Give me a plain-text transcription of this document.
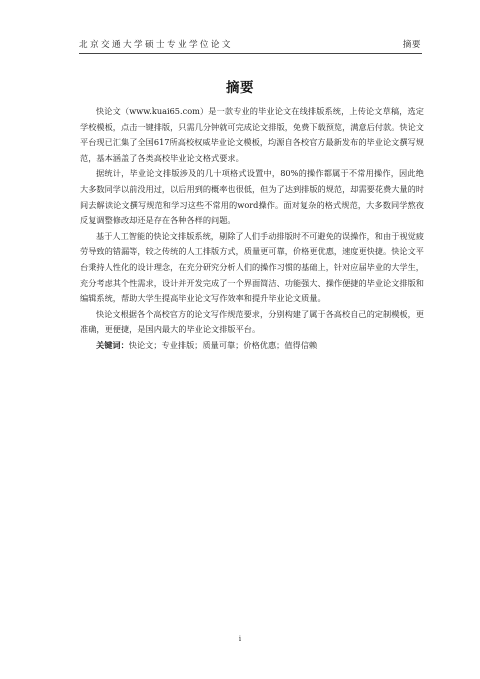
北京交通大学硕士专业学位论文	摘要
摘要

快论文（www.kuai65.com）是一款专业的毕业论文在线排版系统，上传论文草稿，选定学校模板，点击一键排版，只需几分钟就可完成论文排版，免费下载预览，满意后付款。快论文平台现已汇集了全国617所高校权威毕业论文模板，均源自各校官方最新发布的毕业论文撰写规范，基本涵盖了各类高校毕业论文格式要求。

据统计，毕业论文排版涉及的几十项格式设置中，80%的操作都属于不常用操作，因此绝大多数同学以前没用过，以后用到的概率也很低，但为了达到排版的规范，却需要花费大量的时间去解读论文撰写规范和学习这些不常用的word操作。面对复杂的格式规范，大多数同学熬夜反复调整修改却还是存在各种各样的问题。

基于人工智能的快论文排版系统，剔除了人们手动排版时不可避免的误操作，和由于视觉疲劳导致的错漏等，较之传统的人工排版方式，质量更可靠，价格更优惠，速度更快捷。快论文平台秉持人性化的设计理念，在充分研究分析人们的操作习惯的基础上，针对应届毕业的大学生，充分考虑其个性需求，设计并开发完成了一个界面简洁、功能强大、操作便捷的毕业论文排版和编辑系统，帮助大学生提高毕业论文写作效率和提升毕业论文质量。

快论文根据各个高校官方的论文写作规范要求，分别构建了属于各高校自己的定制模板，更准确，更便捷，是国内最大的毕业论文排版平台。

关键词：快论文；专业排版；质量可靠；价格优惠；值得信赖

i
